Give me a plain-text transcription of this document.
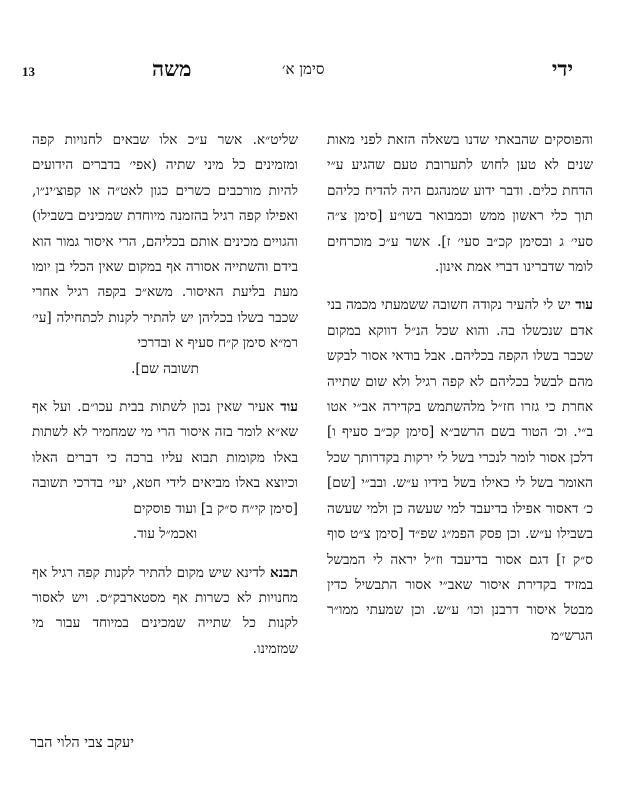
13	משה	סימן א׳	ידי

והפוסקים שהבאתי שדנו בשאלה הזאת לפני מאות שנים לא טען לחוש לתערובת טעם שהגיע ע״י הדחת כלים. ודבר ידוע שמנהגם היה להדיח כליהם תוך כלי ראשון ממש וכמבואר בשו״ע [סימן צ״ה סעי׳ ג ובסימן קכ״ב סעי׳ ז]. אשר ע״כ מוכרחים לומר שדברינו דברי אמת אינון.

עוד יש לי להעיר נקודה חשובה ששמעתי מכמה בני אדם שנכשלו בה. והוא שכל הנ״ל דווקא במקום שכבר בשלו הקפה בכליהם. אבל בודאי אסור לבקש מהם לבשל בכליהם לא קפה רגיל ולא שום שתייה אחרת כי גזרו חז״ל מלהשתמש בקדירה אב״י אטו ב״י. וכ׳ הטור בשם הרשב״א [סימן קכ״ב סעיף ו] דלכן אסור לומר לנכרי בשל לי ירקות בקדרותך שכל האומר בשל לי כאילו בשל בידיו ע״ש. ובב״י [שם] כ׳ דאסור אפילו בדיעבד למי שעשה כן ולמי שעשה בשבילו ע״ש. וכן פסק הפמ״ג שפ״ד [סימן צ״ט סוף ס״ק ז] דגם אסור בדיעבד וז״ל יראה לי המבשל במזיד בקדירת איסור שאב״י אסור התבשיל כדין מבטל איסור דרבנן וכו׳ ע״ש. וכן שמעתי ממו״ר הגרש״מ

שליט״א. אשר ע״כ אלו שבאים לחנויות קפה ומזמינים כל מיני שתיה (אפי׳ בדברים הידועים להיות מורכבים כשרים כגון לאט״ה או קפוצ׳ינ״ו, ואפילו קפה רגיל בהזמנה מיוחדת שמכינים בשבילו) והגויים מכינים אותם בכליהם, הרי איסור גמור הוא בידם והשתייה אסורה אף במקום שאין הכלי בן יומו מעת בליעת האיסור. משא״כ בקפה רגיל אחרי שכבר בשלו בכליהן יש להתיר לקנות לכתחילה [עי׳ רמ״א סימן ק״ח סעיף א ובדרכי

תשובה שם].

עוד אעיר שאין נכון לשתות בבית עכו״ם. ועל אף שא״א לומר בזה איסור הרי מי שמחמיר לא לשתות באלו מקומות תבוא עליו ברכה כי דברים האלו וכיוצא באלו מביאים לידי חטא, יעי׳ בדרכי תשובה [סימן קי״ח ס״ק ב] ועוד פוסקים

ואכמ״ל עוד.

תבנא לדינא שיש מקום להתיר לקנות קפה רגיל אף מחנויות לא כשרות אף מסטארבק״ס. ויש לאסור לקנות כל שתייה שמכינים במיוחד עבור מי שמזמינו.

יעקב צבי הלוי הבר
